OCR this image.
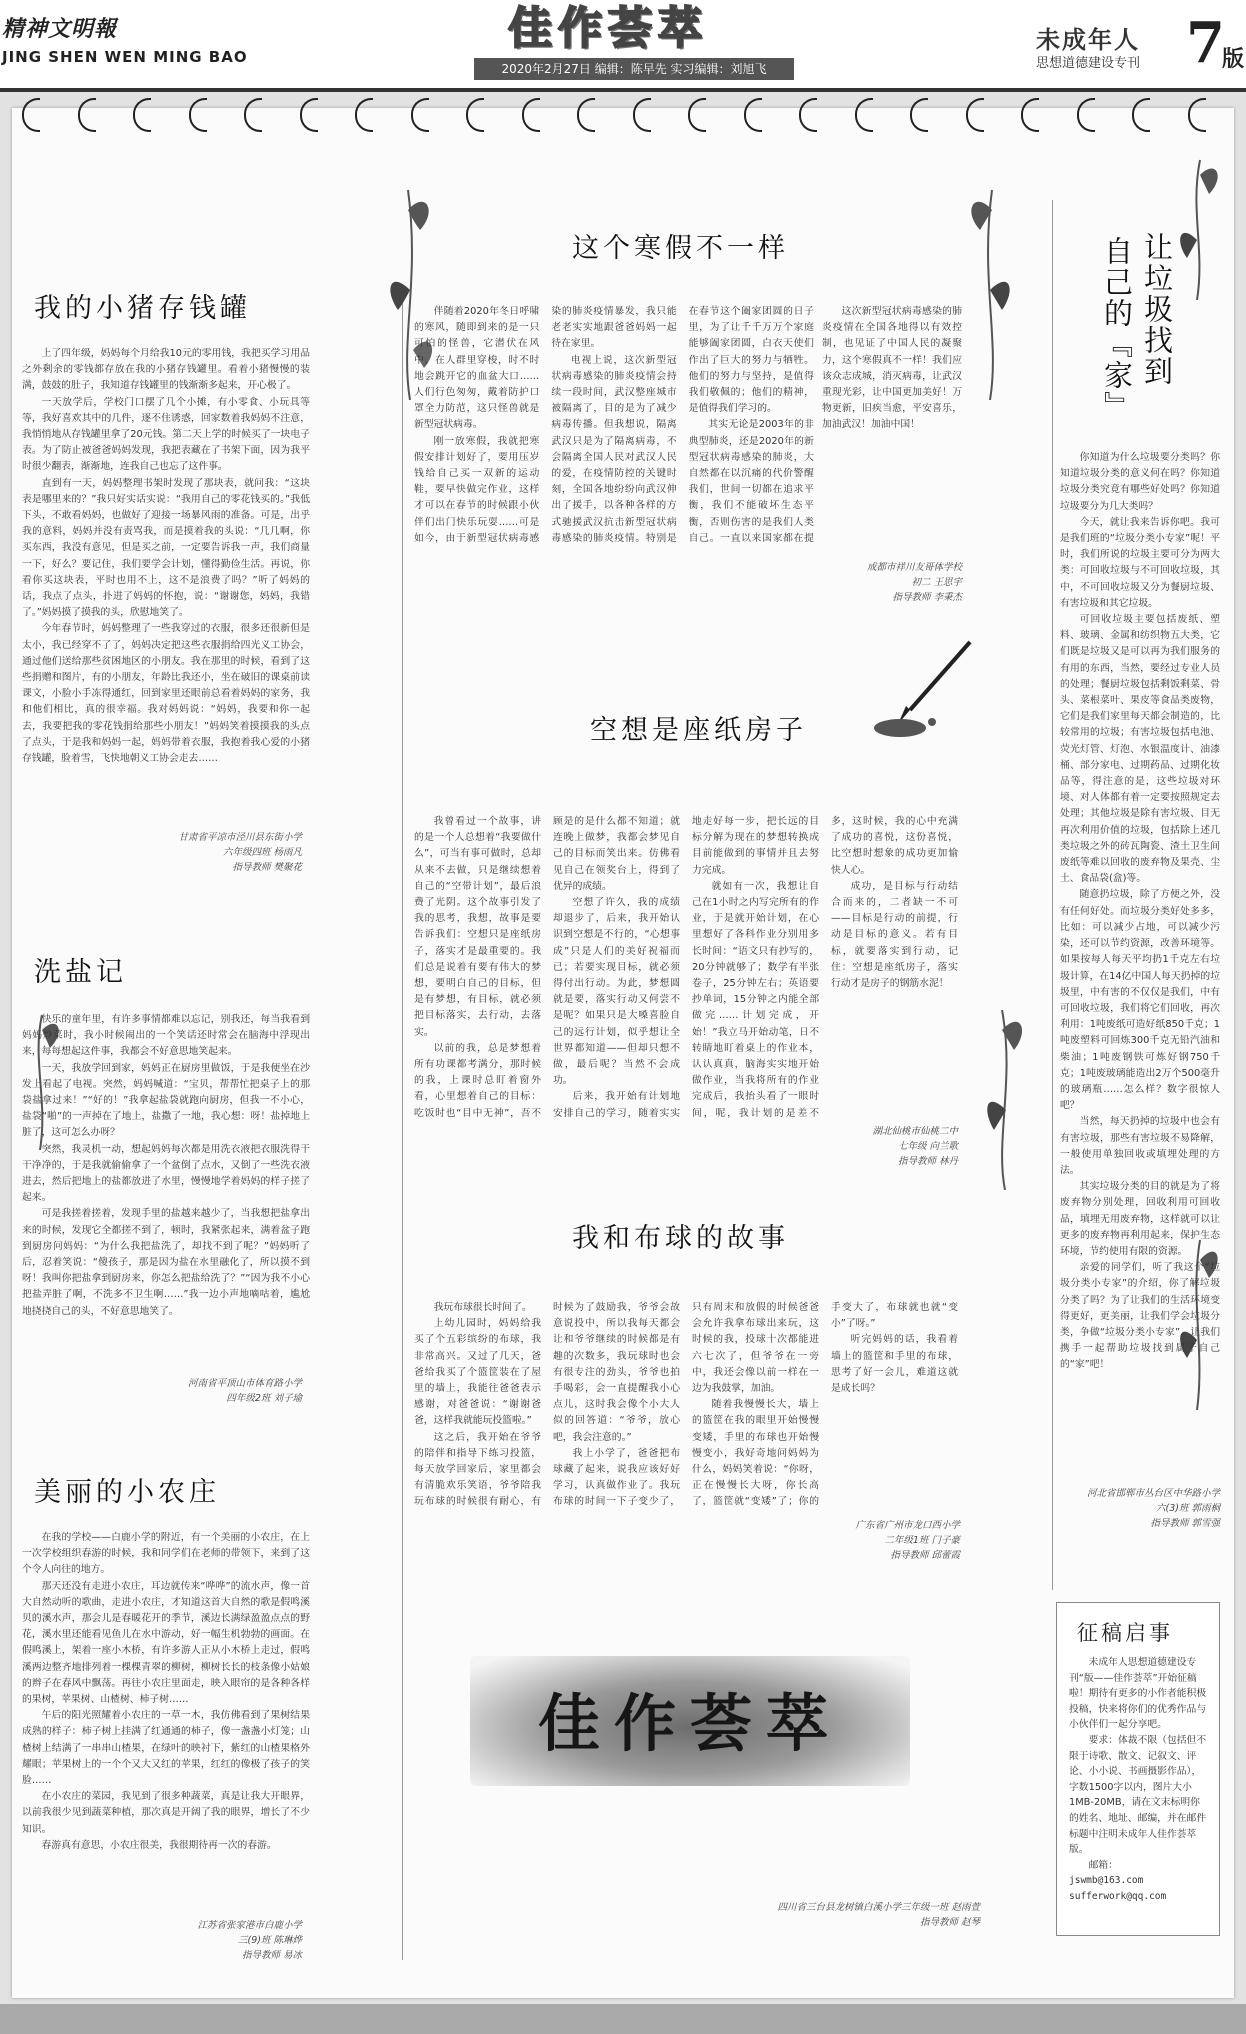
精神文明報
JING SHEN WEN MING BAO
佳作荟萃
2020年2月27日 编辑：陈早先 实习编辑：刘旭飞
未成年人
思想道德建设专刊 7
版
我的小猪存钱罐

上了四年级，妈妈每个月给我10元的零用钱，我把买学习用品之外剩余的零钱都存放在我的小猪存钱罐里。看着小猪慢慢的装满，鼓鼓的肚子，我知道存钱罐里的钱渐渐多起来，开心极了。

一天放学后，学校门口摆了几个小摊，有小零食、小玩具等等，我好喜欢其中的几件，逐不住诱惑，回家数着我妈妈不注意，我悄悄地从存钱罐里拿了20元钱。第二天上学的时候买了一块电子表。为了防止被爸爸妈妈发现，我把表藏在了书架下面，因为我平时很少翻表，渐渐地，连我自己也忘了这件事。

直到有一天，妈妈整理书架时发现了那块表，就问我：“这块表是哪里来的？”我只好实话实说：“我用自己的零花钱买的。”我低下头，不敢看妈妈，也做好了迎接一场暴风雨的准备。可是，出乎我的意料，妈妈并没有责骂我，而是摸着我的头说：“几几啊，你买东西，我没有意见，但是买之前，一定要告诉我一声，我们商量一下，好么？要记住，我们要学会计划，懂得勤俭生活。再说，你看你买这块表，平时也用不上，这不是浪费了吗？”听了妈妈的话，我点了点头，扑进了妈妈的怀抱，说：“谢谢您，妈妈，我错了。”妈妈摸了摸我的头，欣慰地笑了。

今年春节时，妈妈整理了一些我穿过的衣服，很多还很新但是太小，我已经穿不了了，妈妈决定把这些衣服捐给四光义工协会，通过他们送给那些贫困地区的小朋友。我在那里的时候，看到了这些捐赠和图片，有的小朋友，年龄比我还小，坐在破旧的课桌前读课文，小脸小手冻得通红，回到家里还眼前总看着妈妈的家务，我和他们相比，真的很幸福。我对妈妈说：“妈妈，我要和你一起去，我要把我的零花钱捐给那些小朋友！”妈妈笑着摸摸我的头点了点头，于是我和妈妈一起，妈妈带着衣服，我抱着我心爱的小猪存钱罐，脸着雪，飞快地朝义工协会走去……

甘肃省平凉市泾川县东街小学
六年级四班 杨雨凡
指导教师 樊聚花
洗盐记

快乐的童年里，有许多事情都难以忘记，别我还，每当我看到妈妈炒菜时，我小时候闹出的一个笑话还时常会在脑海中浮现出来，每每想起这件事，我都会不好意思地笑起来。

一天，我放学回到家，妈妈正在厨房里做饭，于是我便坐在沙发上看起了电视。突然，妈妈喊道：“宝贝，帮帮忙把桌子上的那袋盐拿过来！”“好的！”我拿起盐袋就跑向厨房，但我一不小心，盐袋“啪”的一声掉在了地上，盐撒了一地，我心想：呀！盐掉地上脏了，这可怎么办呀？

突然，我灵机一动，想起妈妈每次都是用洗衣液把衣服洗得干干净净的，于是我就偷偷拿了一个盆倒了点水，又倒了一些洗衣液进去，然后把地上的盐都放进了水里，慢慢地学着妈妈的样子搓了起来。

可是我搓着搓着，发现手里的盐越来越少了，当我想把盐拿出来的时候，发现它全都搓不到了，顿时，我紧张起来，满着盆子跑到厨房问妈妈：“为什么我把盐洗了，却找不到了呢？”妈妈听了后，忍着笑说：“傻孩子，那是因为盐在水里融化了，所以摸不到呀！我叫你把盐拿到厨房来，你怎么把盐给洗了？”“因为我不小心把盐弄脏了啊，不洗多不卫生啊……”我一边小声地嘀咕着，尴尬地挠挠自己的头，不好意思地笑了。

河南省平顶山市体育路小学
四年级2班 刘子瑜
美丽的小农庄

在我的学校——白鹿小学的附近，有一个美丽的小农庄，在上一次学校组织春游的时候，我和同学们在老师的带领下，来到了这个令人向往的地方。

那天还没有走进小农庄，耳边就传来“哗哗”的流水声，像一首大自然动听的歌曲，走进小农庄，才知道这首大自然的歌是假鸣溪贝的溪水声，那会儿是春暖花开的季节，溪边长满绿盈盈点点的野花，溪水里还能看见鱼儿在水中游动，好一幅生机勃勃的画面。在假鸣溪上，架着一座小木桥，有许多游人正从小木桥上走过，假鸣溪两边整齐地排列着一棵棵青翠的柳树，柳树长长的枝条像小姑娘的辫子在春风中飘荡。再往小农庄里面走，映入眼帘的是各种各样的果树，苹果树、山楂树、柿子树……

午后的阳光照耀着小农庄的一草一木，我仿佛看到了果树结果成熟的样子：柿子树上挂满了红通通的柿子，像一盏盏小灯笼；山楂树上结满了一串串山楂果，在绿叶的映衬下，紫红的山楂果格外耀眼；苹果树上的一个个又大又红的苹果，红红的像极了孩子的笑脸……

在小农庄的菜园，我见到了很多种蔬菜，真是让我大开眼界，以前我很少见到蔬菜种植，那次真是开阔了我的眼界，增长了不少知识。

春游真有意思，小农庄很美，我很期待再一次的春游。

江苏省张家港市白鹿小学
三(9)班 陈琳烨
指导教师 易冰
这个寒假不一样

伴随着2020年冬日呼啸的寒风，随即到来的是一只可怕的怪兽，它潜伏在风中，在人群里穿梭，时不时地会跳开它的血盆大口……人们行色匆匆，戴着防护口罩全力防范，这只怪兽就是新型冠状病毒。

刚一放寒假，我就把寒假安排计划好了，要用压岁钱给自己买一双新的运动鞋，要早快做完作业，这样才可以在春节的时候跟小伙伴们出门快乐玩耍……可是如今，由于新型冠状病毒感染的肺炎疫情暴发，我只能老老实实地跟爸爸妈妈一起待在家里。

电视上说，这次新型冠状病毒感染的肺炎疫情会持续一段时间，武汉整座城市被隔离了，目的是为了减少病毒传播。但我想说，隔离武汉只是为了隔离病毒，不会隔离全国人民对武汉人民的爱，在疫情防控的关键时刻，全国各地纷纷向武汉伸出了援手，以各种各样的方式驰援武汉抗击新型冠状病毒感染的肺炎疫情。特别是在春节这个阖家团圆的日子里，为了让千千万万个家庭能够阖家团圆，白衣天使们作出了巨大的努力与牺牲。他们的努力与坚持，是值得我们敬佩的；他们的精神，是值得我们学习的。

其实无论是2003年的非典型肺炎，还是2020年的新型冠状病毒感染的肺炎，大自然都在以沉痛的代价警醒我们，世间一切都在追求平衡，我们不能破坏生态平衡，否则伤害的是我们人类自己。一直以来国家都在提

这次新型冠状病毒感染的肺炎疫情在全国各地得以有效控制，也见证了中国人民的凝聚力，这个寒假真不一样！我们应该众志成城，消灭病毒，让武汉重现光彩，让中国更加美好！万物更新，旧疾当愈，平安喜乐，加油武汉！加油中国！

成都市祥川友哥体学校
初二 王思宇
指导教师 李秉杰
空想是座纸房子

我曾看过一个故事，讲的是一个人总想着“我要做什么”，可当有事可做时，总却从来不去做，只是继续想着自己的“空带计划”，最后浪费了光阴。这个故事引发了我的思考，我想，故事是要告诉我们：空想只是座纸房子，落实才是最重要的。我们总是说着有要有伟大的梦想，要明白自己的目标，但是有梦想，有目标，就必须把目标落实，去行动，去落实。

以前的我，总是梦想着所有功课都考满分，那时候的我，上课时总盯着窗外看，心里想着自己的目标：吃饭时也“目中无神”，吾不顾是的是什么都不知道；就连晚上做梦，我都会梦见自己的目标而笑出来。仿佛看见自己在领奖台上，得到了优异的成绩。

空想了许久，我的成绩却退步了，后来，我开始认识到空想是不行的，“心想事成”只是人们的美好祝福而已；若要实现目标，就必须得付出行动。为此，梦想圆就是要，落实行动又何尝不是呢？如果只是大嗓喜脸自己的远行计划，似乎想让全世界都知道——但却只想不做，最后呢？当然不会成功。

后来，我开始有计划地安排自己的学习，随着实实地走好每一步，把长远的目标分解为现在的梦想转换成目前能做到的事情并且去努力完成。

就如有一次，我想让自己在1小时之内写完所有的作业，于是就开始计划，在心里想好了各科作业分别用多长时间：“语文只有抄写的，20分钟就够了；数学有半张卷子，25分钟左右；英语要抄单词，15分钟之内能全部做完……计划完成，开始！”我立马开始动笔，日不转睛地盯着桌上的作业本，认认真真，脑海实实地开始做作业，当我将所有的作业完成后，我抬头看了一眼时间，呢，我计划的是差不多，这时候，我的心中充满了成功的喜悦，这份喜悦，比空想时想象的成功更加愉快人心。

成功，是目标与行动结合而来的，二者缺一不可——目标是行动的前提，行动是目标的意义。若有目标，就要落实到行动，记住：空想是座纸房子，落实行动才是房子的钢筋水泥！

湖北仙桃市仙桃二中
七年级 向兰歌
指导教师 林丹
我和布球的故事

我玩布球很长时间了。

上幼儿园时，妈妈给我买了个五彩缤纷的布球，我非常高兴。又过了几天，爸爸给我买了个篮筐装在了屋里的墙上，我能往爸爸表示感谢，对爸爸说：“谢谢爸爸，这样我就能玩投篮啦。”

这之后，我开始在爷爷的陪伴和指导下练习投篮，每天放学回家后，家里都会有清脆欢乐笑语，爷爷陪我玩布球的时候很有耐心，有时候为了鼓励我，爷爷会故意说投中，所以我每天都会让和爷爷继续的时候都是有趣的次数多，我玩球时也会有很专注的劲头，爷爷也拍手喝彩，会一直提醒我小心点儿，这时我会像个小大人似的回答道：“爷爷，放心吧，我会注意的。”

我上小学了，爸爸把布球藏了起来，说我应该好好学习，认真做作业了。我玩布球的时间一下子变少了，只有周末和放假的时候爸爸会允许我拿布球出来玩，这时候的我，投球十次都能进六七次了，但爷爷在一旁中，我还会像以前一样在一边为我鼓掌，加油。

随着我慢慢长大，墙上的篮筐在我的眼里开始慢慢变矮，手里的布球也开始慢慢变小，我好奇地问妈妈为什么，妈妈笑着说：“你呀，正在慢慢长大呀，你长高了，篮筐就“变矮”了；你的手变大了，布球就也就“变小”了呀。”

听完妈妈的话，我看着墙上的篮筐和手里的布球，思考了好一会儿，难道这就是成长吗？

广东省广州市龙口西小学
二年级1班 门子豪
指导教师 邱蕾霞
佳作荟萃
四川省三台县龙树镇白溪小学三年级一班 赵雨萱
指导教师 赵琴
让垃圾找到
自己的『家』

你知道为什么垃圾要分类吗？你知道垃圾分类的意义何在吗？你知道垃圾分类究竟有哪些好处吗？你知道垃圾要分为几大类吗？

今天，就让我来告诉你吧。我可是我们班的“垃圾分类小专家”呢！平时，我们所说的垃圾主要可分为两大类：可回收垃圾与不可回收垃圾，其中，不可回收垃圾又分为餐厨垃圾、有害垃圾和其它垃圾。

可回收垃圾主要包括废纸、塑料、玻璃、金属和纺织物五大类，它们既是垃圾又是可以再为我们服务的有用的东西，当然，要经过专业人员的处理；餐厨垃圾包括剩饭剩菜、骨头、菜根菜叶、果皮等食品类废物，它们是我们家里每天都会制造的，比较常用的垃圾；有害垃圾包括电池、荧光灯管、灯泡、水银温度计、油漆桶、部分家电、过期药品、过期化妆品等，得注意的是，这些垃圾对环境、对人体都有着一定要按照规定去处理；其他垃圾是除有害垃圾、目无再次利用价值的垃圾，包括除上述几类垃圾之外的砖瓦陶瓷、渣土卫生间废纸等难以回收的废弃物及果壳、尘土、食品袋(盒)等。

随意扔垃圾，除了方便之外，没有任何好处。而垃圾分类好处多多，比如：可以减少占地，可以减少污染，还可以节约资源，改善环境等。如果按每人每天平均扔1千克左右垃圾计算，在14亿中国人每天扔掉的垃圾里，中有害的不仅仅是我们，中有可回收垃圾，我们将它们回收，再次利用：1吨废纸可造好纸850千克；1吨废塑料可回炼300千克无铅汽油和柴油；1吨废钢铁可炼好钢750千克；1吨废玻璃能造出2万个500毫升的玻璃瓶……怎么样？数字很惊人吧？

当然，每天扔掉的垃圾中也会有有害垃圾，那些有害垃圾不易降解，一般使用单独回收或填埋处理的方法。

其实垃圾分类的目的就是为了将废弃物分别处理，回收利用可回收品，填埋无用废弃物，这样就可以让更多的废弃物再利用起来，保护生态环境，节约使用有限的资源。

亲爱的同学们，听了我这个“垃圾分类小专家”的介绍，你了解垃圾分类了吗？为了让我们的生活环境变得更好，更美丽，让我们学会垃圾分类，争做“垃圾分类小专家”，让我们携手一起帮助垃圾找到属于自己的“家”吧！

河北省邯郸市丛台区中华路小学
六(3)班 郭雨桐
指导教师 郭雪强
征稿启事

未成年人思想道德建设专刊“版——佳作荟萃”开始征稿啦！期待有更多的小作者能积极投稿，快来将你们的优秀作品与小伙伴们一起分享吧。

要求：体裁不限（包括但不限于诗歌、散文、记叙文、评论、小小说、书画摄影作品），字数1500字以内，图片大小1MB-20MB，请在文末标明你的姓名、地址、邮编，并在邮件标题中注明未成年人佳作荟萃版。

邮箱：

jswmb@163.com

sufferwork@qq.com
